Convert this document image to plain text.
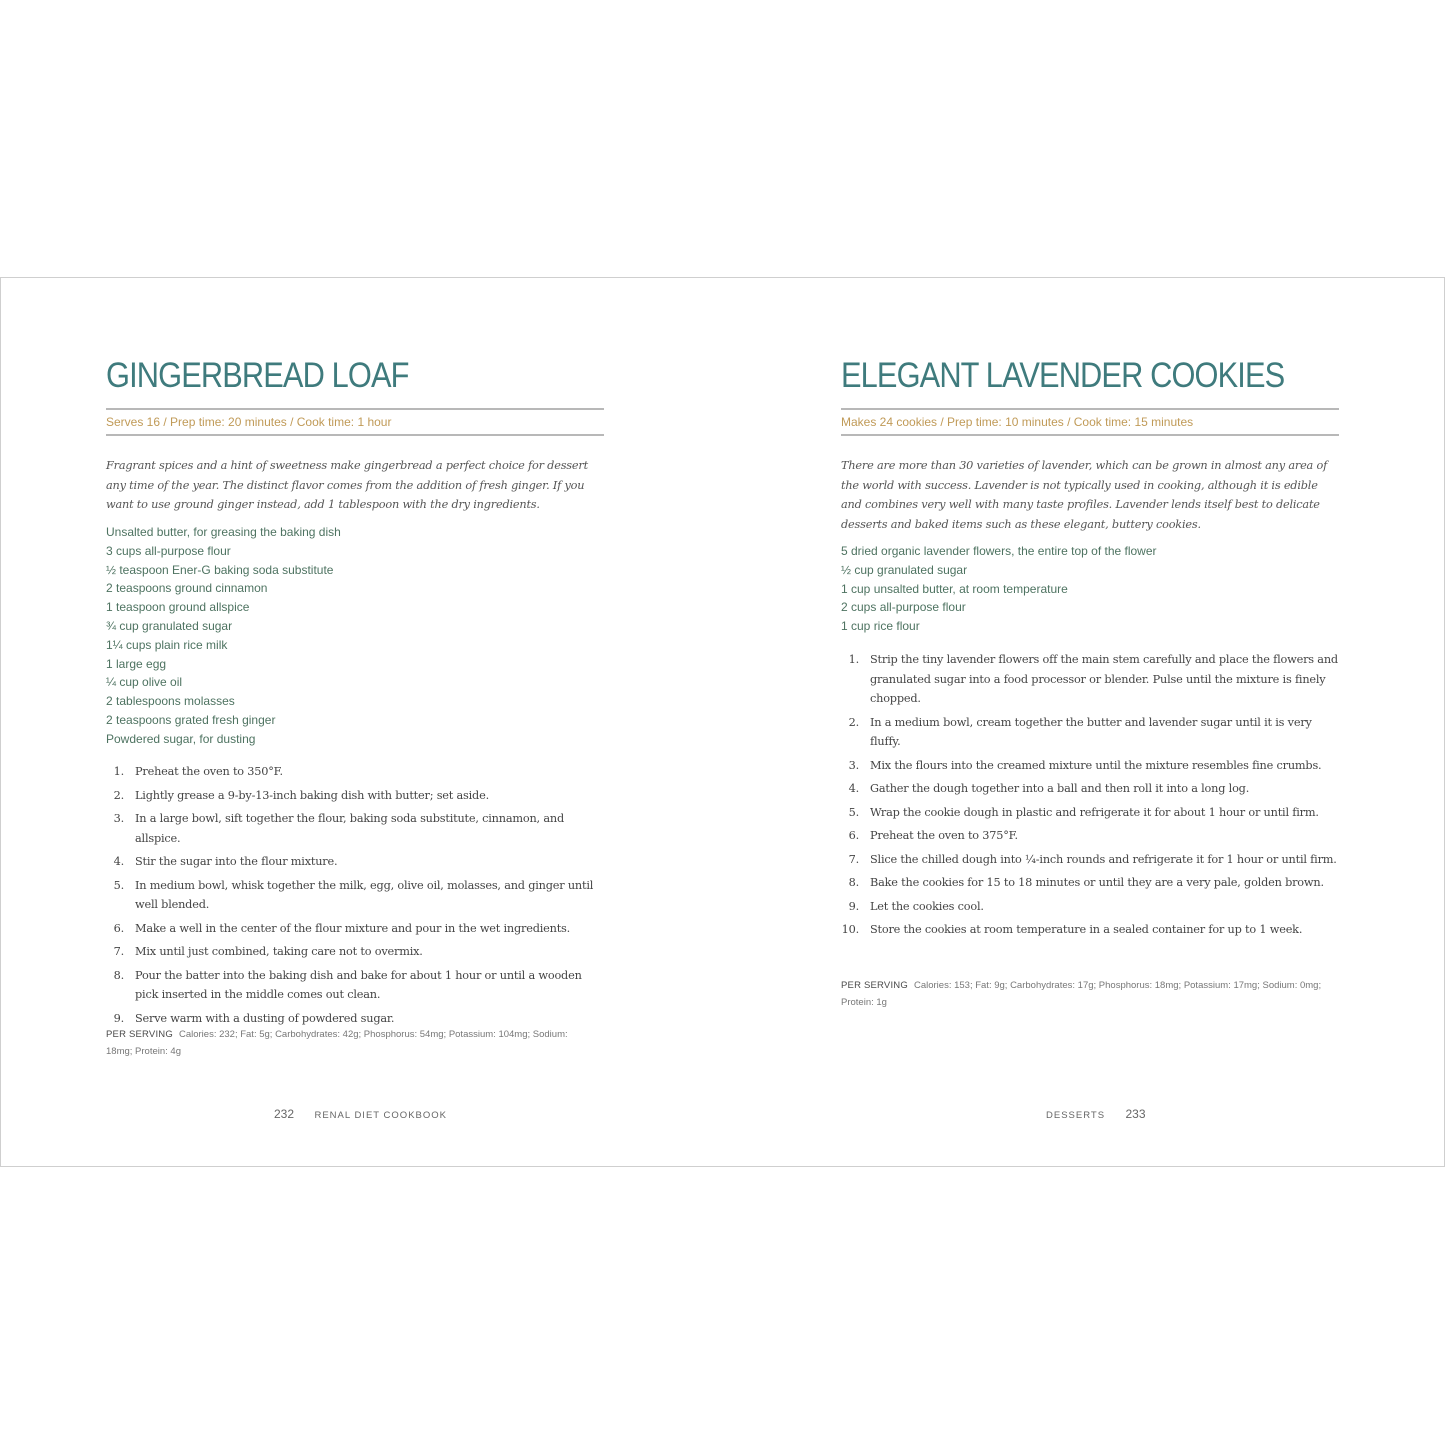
GINGERBREAD LOAF
Serves 16 / Prep time: 20 minutes / Cook time: 1 hour
Fragrant spices and a hint of sweetness make gingerbread a perfect choice for dessert any time of the year. The distinct flavor comes from the addition of fresh ginger. If you want to use ground ginger instead, add 1 tablespoon with the dry ingredients.
Unsalted butter, for greasing the baking dish
3 cups all-purpose flour
½ teaspoon Ener-G baking soda substitute
2 teaspoons ground cinnamon
1 teaspoon ground allspice
¾ cup granulated sugar
1¼ cups plain rice milk
1 large egg
¼ cup olive oil
2 tablespoons molasses
2 teaspoons grated fresh ginger
Powdered sugar, for dusting
1. Preheat the oven to 350°F.
2. Lightly grease a 9-by-13-inch baking dish with butter; set aside.
3. In a large bowl, sift together the flour, baking soda substitute, cinnamon, and allspice.
4. Stir the sugar into the flour mixture.
5. In medium bowl, whisk together the milk, egg, olive oil, molasses, and ginger until well blended.
6. Make a well in the center of the flour mixture and pour in the wet ingredients.
7. Mix until just combined, taking care not to overmix.
8. Pour the batter into the baking dish and bake for about 1 hour or until a wooden pick inserted in the middle comes out clean.
9. Serve warm with a dusting of powdered sugar.
PER SERVING Calories: 232; Fat: 5g; Carbohydrates: 42g; Phosphorus: 54mg; Potassium: 104mg; Sodium: 18mg; Protein: 4g
232 RENAL DIET COOKBOOK
ELEGANT LAVENDER COOKIES
Makes 24 cookies / Prep time: 10 minutes / Cook time: 15 minutes
There are more than 30 varieties of lavender, which can be grown in almost any area of the world with success. Lavender is not typically used in cooking, although it is edible and combines very well with many taste profiles. Lavender lends itself best to delicate desserts and baked items such as these elegant, buttery cookies.
5 dried organic lavender flowers, the entire top of the flower
½ cup granulated sugar
1 cup unsalted butter, at room temperature
2 cups all-purpose flour
1 cup rice flour
1. Strip the tiny lavender flowers off the main stem carefully and place the flowers and granulated sugar into a food processor or blender. Pulse until the mixture is finely chopped.
2. In a medium bowl, cream together the butter and lavender sugar until it is very fluffy.
3. Mix the flours into the creamed mixture until the mixture resembles fine crumbs.
4. Gather the dough together into a ball and then roll it into a long log.
5. Wrap the cookie dough in plastic and refrigerate it for about 1 hour or until firm.
6. Preheat the oven to 375°F.
7. Slice the chilled dough into ¼-inch rounds and refrigerate it for 1 hour or until firm.
8. Bake the cookies for 15 to 18 minutes or until they are a very pale, golden brown.
9. Let the cookies cool.
10. Store the cookies at room temperature in a sealed container for up to 1 week.
PER SERVING Calories: 153; Fat: 9g; Carbohydrates: 17g; Phosphorus: 18mg; Potassium: 17mg; Sodium: 0mg; Protein: 1g
DESSERTS 233
